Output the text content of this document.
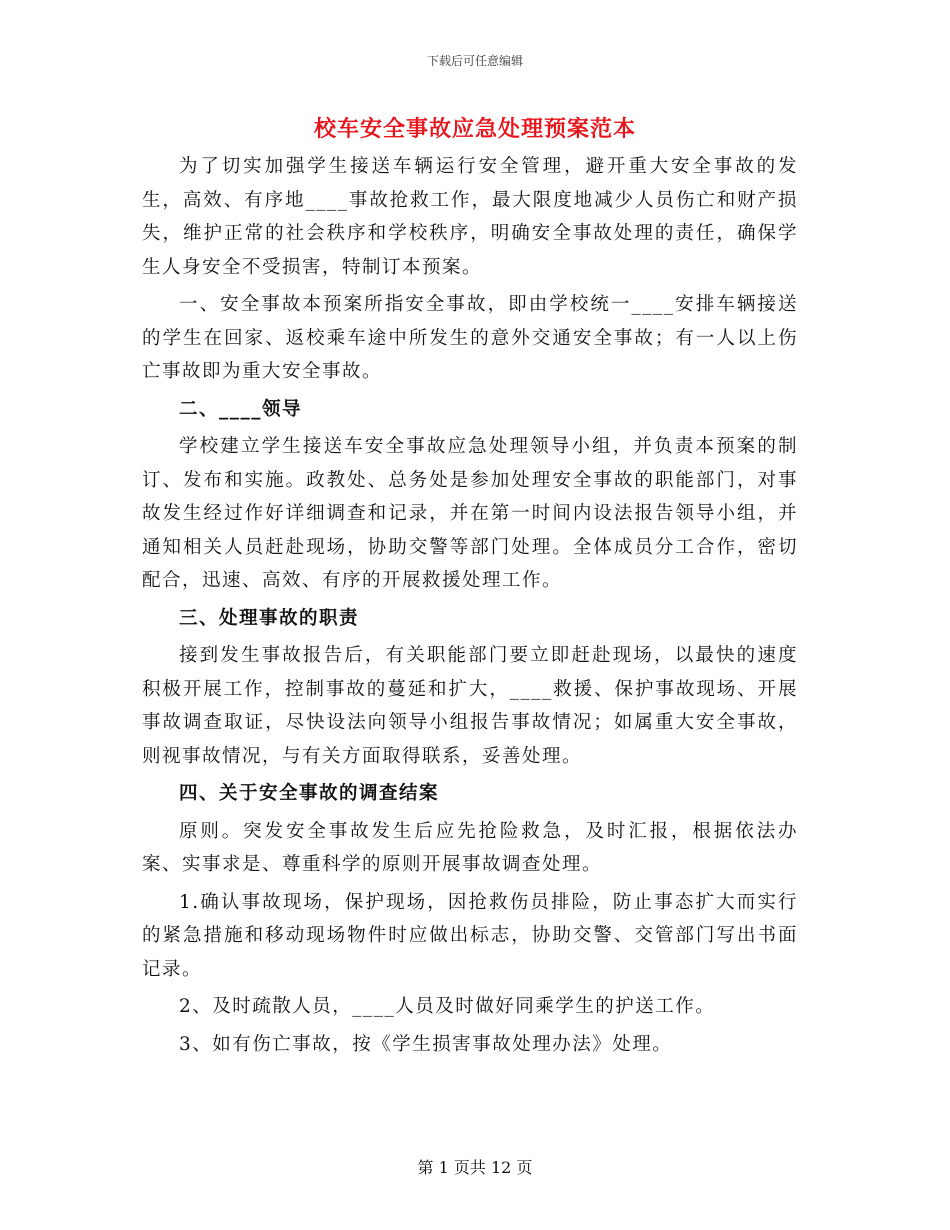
下载后可任意编辑
校车安全事故应急处理预案范本

为了切实加强学生接送车辆运行安全管理，避开重大安全事故的发生，高效、有序地____事故抢救工作，最大限度地减少人员伤亡和财产损失，维护正常的社会秩序和学校秩序，明确安全事故处理的责任，确保学生人身安全不受损害，特制订本预案。

一、安全事故本预案所指安全事故，即由学校统一____安排车辆接送的学生在回家、返校乘车途中所发生的意外交通安全事故；有一人以上伤亡事故即为重大安全事故。

二、____领导

学校建立学生接送车安全事故应急处理领导小组，并负责本预案的制订、发布和实施。政教处、总务处是参加处理安全事故的职能部门，对事故发生经过作好详细调查和记录，并在第一时间内设法报告领导小组，并通知相关人员赶赴现场，协助交警等部门处理。全体成员分工合作，密切配合，迅速、高效、有序的开展救援处理工作。

三、处理事故的职责

接到发生事故报告后，有关职能部门要立即赶赴现场，以最快的速度积极开展工作，控制事故的蔓延和扩大，____救援、保护事故现场、开展事故调查取证，尽快设法向领导小组报告事故情况；如属重大安全事故，则视事故情况，与有关方面取得联系，妥善处理。

四、关于安全事故的调查结案

原则。突发安全事故发生后应先抢险救急，及时汇报，根据依法办案、实事求是、尊重科学的原则开展事故调查处理。

1.确认事故现场，保护现场，因抢救伤员排险，防止事态扩大而实行的紧急措施和移动现场物件时应做出标志，协助交警、交管部门写出书面记录。

2、及时疏散人员，____人员及时做好同乘学生的护送工作。

3、如有伤亡事故，按《学生损害事故处理办法》处理。

第 1 页共 12 页
